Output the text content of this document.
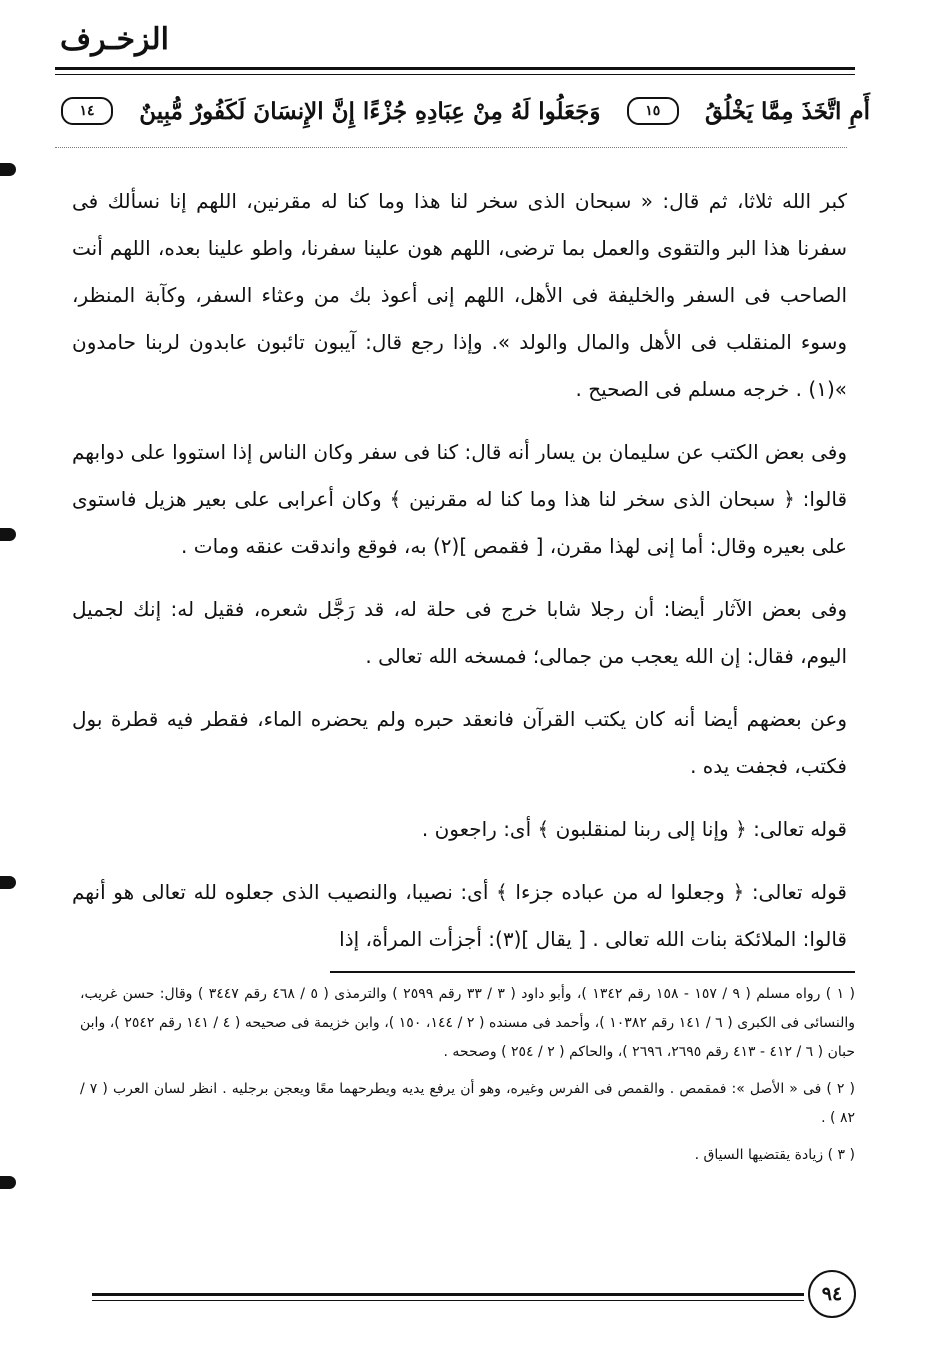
الزخـرف
١٤	وَجَعَلُوا لَهُ مِنْ عِبَادِهِ جُزْءًا إِنَّ الإِنسَانَ لَكَفُورٌ مُّبِينٌ	١٥	أَمِ اتَّخَذَ مِمَّا يَخْلُقُ

كبر الله ثلاثا، ثم قال: « سبحان الذى سخر لنا هذا وما كنا له مقرنين، اللهم إنا نسألك فى سفرنا هذا البر والتقوى والعمل بما ترضى، اللهم هون علينا سفرنا، واطو علينا بعده، اللهم أنت الصاحب فى السفر والخليفة فى الأهل، اللهم إنى أعوذ بك من وعثاء السفر، وكآبة المنظر، وسوء المنقلب فى الأهل والمال والولد ». وإذا رجع قال: آيبون تائبون عابدون لربنا حامدون »(١) . خرجه مسلم فى الصحيح .

وفى بعض الكتب عن سليمان بن يسار أنه قال: كنا فى سفر وكان الناس إذا استووا على دوابهم قالوا: ﴿ سبحان الذى سخر لنا هذا وما كنا له مقرنين ﴾ وكان أعرابى على بعير هزيل فاستوى على بعيره وقال: أما إنى لهذا مقرن، [ فقمص ](٢) به، فوقع واندقت عنقه ومات .

وفى بعض الآثار أيضا: أن رجلا شابا خرج فى حلة له، قد رَجَّل شعره، فقيل له: إنك لجميل اليوم، فقال: إن الله يعجب من جمالى؛ فمسخه الله تعالى .

وعن بعضهم أيضا أنه كان يكتب القرآن فانعقد حبره ولم يحضره الماء، فقطر فيه قطرة بول فكتب، فجفت يده .

قوله تعالى: ﴿ وإنا إلى ربنا لمنقلبون ﴾ أى: راجعون .

قوله تعالى: ﴿ وجعلوا له من عباده جزءا ﴾ أى: نصيبا، والنصيب الذى جعلوه لله تعالى هو أنهم قالوا: الملائكة بنات الله تعالى . [ يقال ](٣): أجزأت المرأة، إذا

( ١ ) رواه مسلم ( ٩ / ١٥٧ - ١٥٨ رقم ١٣٤٢ )، وأبو داود ( ٣ / ٣٣ رقم ٢٥٩٩ ) والترمذى ( ٥ / ٤٦٨ رقم ٣٤٤٧ ) وقال: حسن غريب، والنسائى فى الكبرى ( ٦ / ١٤١ رقم ١٠٣٨٢ )، وأحمد فى مسنده ( ٢ / ١٤٤، ١٥٠ )، وابن خزيمة فى صحيحه ( ٤ / ١٤١ رقم ٢٥٤٢ )، وابن حبان ( ٦ / ٤١٢ - ٤١٣ رقم ٢٦٩٥، ٢٦٩٦ )، والحاكم ( ٢ / ٢٥٤ ) وصححه .

( ٢ ) فى « الأصل »: فمقمص . والقمص فى الفرس وغيره، وهو أن يرفع يديه ويطرحهما معًا ويعجن برجليه . انظر لسان العرب ( ٧ / ٨٢ ) .

( ٣ ) زيادة يقتضيها السياق .

٩٤
